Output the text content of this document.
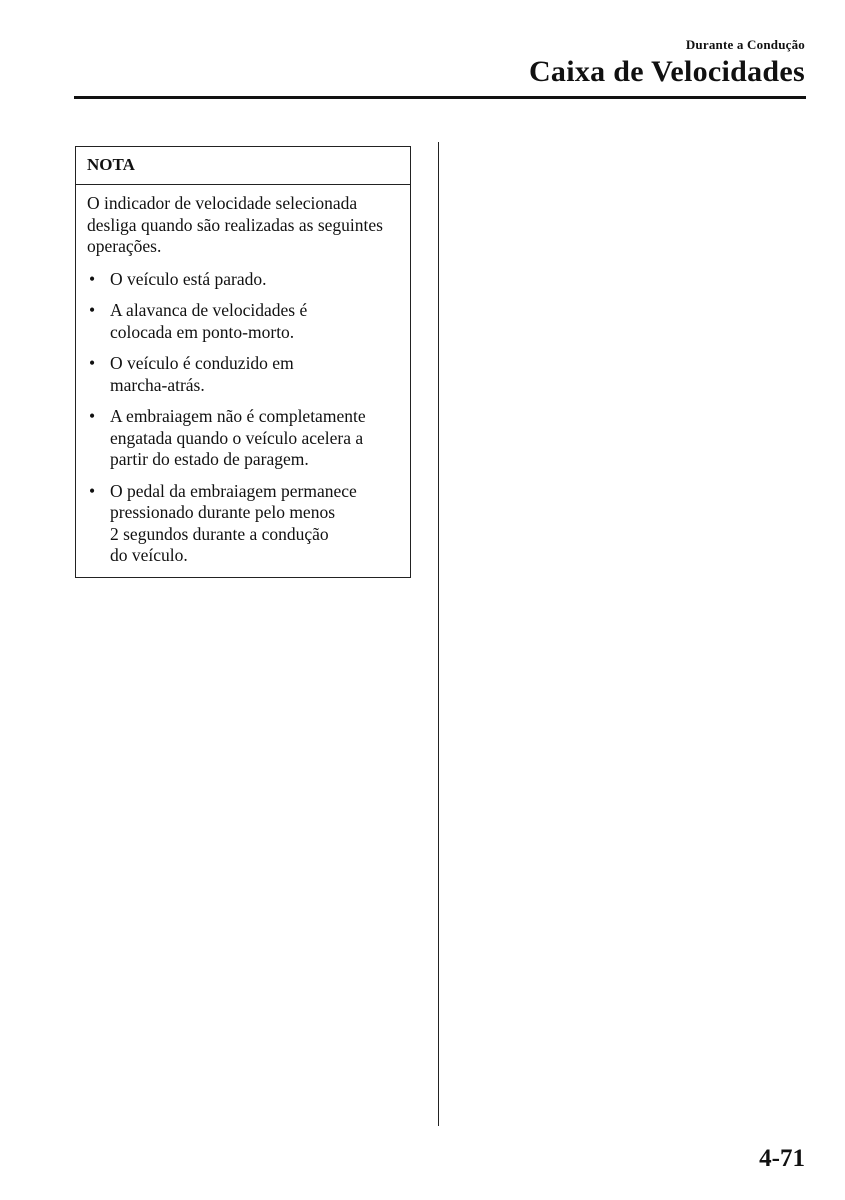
Durante a Condução
Caixa de Velocidades
NOTA

O indicador de velocidade selecionada desliga quando são realizadas as seguintes operações.

• O veículo está parado.
• A alavanca de velocidades é
colocada em ponto-morto.
• O veículo é conduzido em
marcha-atrás.
• A embraiagem não é completamente
engatada quando o veículo acelera a
partir do estado de paragem.
• O pedal da embraiagem permanece
pressionado durante pelo menos
2 segundos durante a condução
do veículo.
4-71
